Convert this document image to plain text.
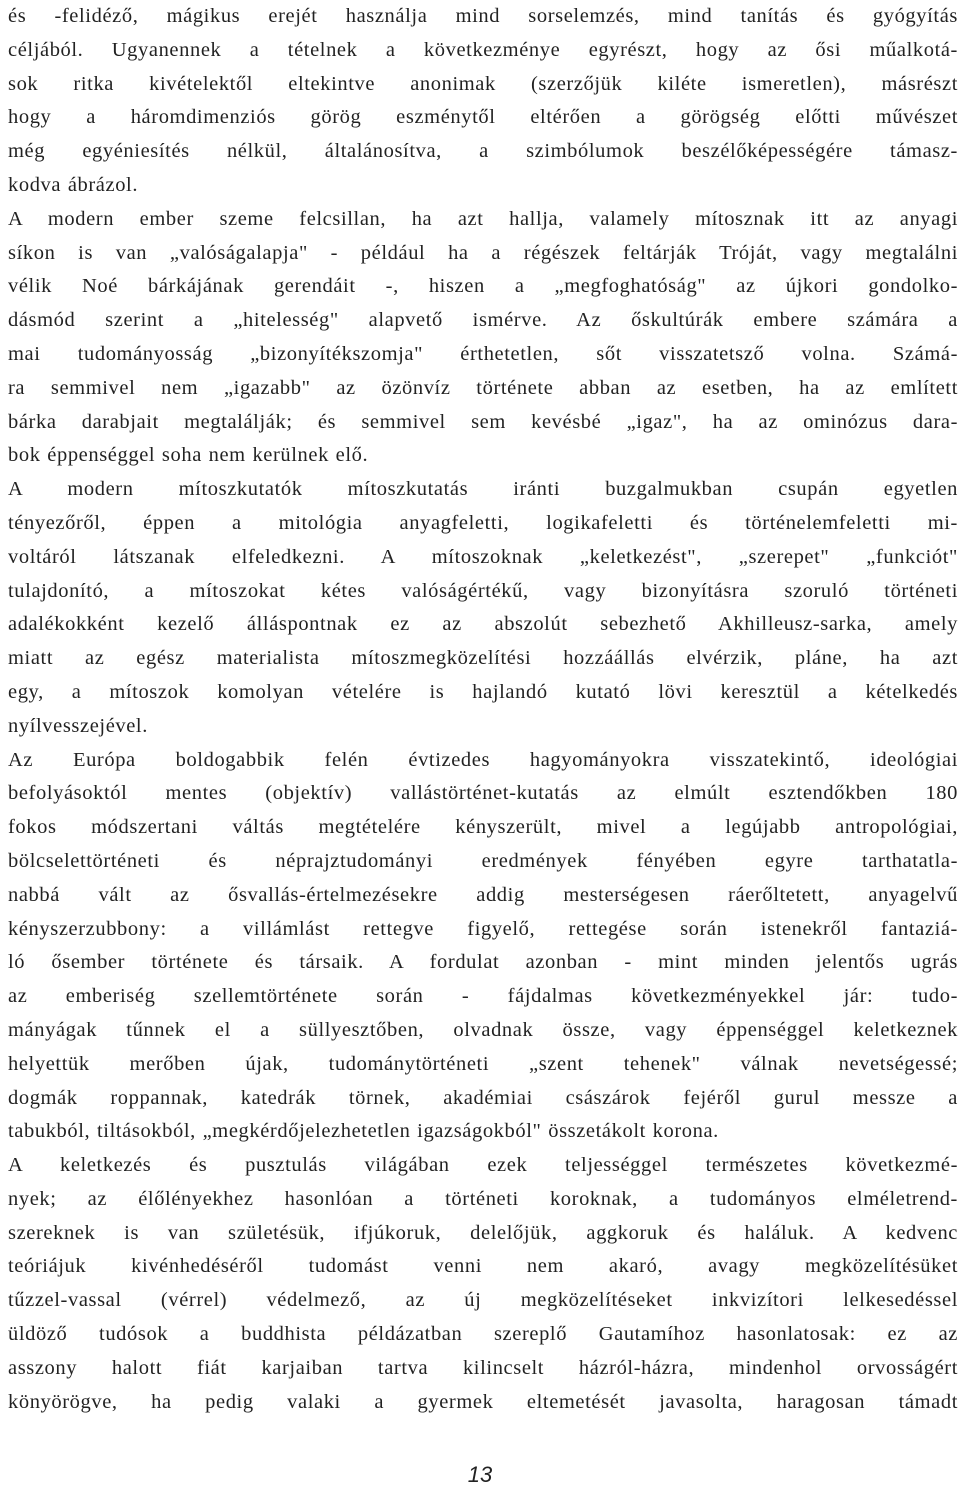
és -felidéző, mágikus erejét használja mind sorselemzés, mind tanítás és gyógyítás
céljából. Ugyanennek a tételnek a következménye egyrészt, hogy az ősi műalkotá-
sok ritka kivételektől eltekintve anonimak (szerzőjük kiléte ismeretlen), másrészt
hogy a háromdimenziós görög eszménytől eltérően a görögség előtti művészet
még egyéniesítés nélkül, általánosítva, a szimbólumok beszélőképességére támasz-
kodva ábrázol.
A modern ember szeme felcsillan, ha azt hallja, valamely mítosznak itt az anyagi
síkon is van „valóságalapja" - például ha a régészek feltárják Tróját, vagy megtalálni
vélik Noé bárkájának gerendáit -, hiszen a „megfoghatóság" az újkori gondolko-
dásmód szerint a „hitelesség" alapvető ismérve. Az őskultúrák embere számára a
mai tudományosság „bizonyítékszomja" érthetetlen, sőt visszatetsző volna. Számá-
ra semmivel nem „igazabb" az özönvíz története abban az esetben, ha az említett
bárka darabjait megtalálják; és semmivel sem kevésbé „igaz", ha az ominózus dara-
bok éppenséggel soha nem kerülnek elő.
A modern mítoszkutatók mítoszkutatás iránti buzgalmukban csupán egyetlen
tényezőről, éppen a mitológia anyagfeletti, logikafeletti és történelemfeletti mi-
voltáról látszanak elfeledkezni. A mítoszoknak „keletkezést", „szerepet" „funkciót"
tulajdonító, a mítoszokat kétes valóságértékű, vagy bizonyításra szoruló történeti
adalékokként kezelő álláspontnak ez az abszolút sebezhető Akhilleusz-sarka, amely
miatt az egész materialista mítoszmegközelítési hozzáállás elvérzik, pláne, ha azt
egy, a mítoszok komolyan vételére is hajlandó kutató lövi keresztül a kételkedés
nyílvesszejével.
Az Európa boldogabbik felén évtizedes hagyományokra visszatekintő, ideológiai
befolyásoktól mentes (objektív) vallástörténet-kutatás az elmúlt esztendőkben 180
fokos módszertani váltás megtételére kényszerült, mivel a legújabb antropológiai,
bölcselettörténeti és néprajztudományi eredmények fényében egyre tarthatatla-
nabbá vált az ősvallás-értelmezésekre addig mesterségesen ráerőltetett, anyagelvű
kényszerzubbony: a villámlást rettegve figyelő, rettegése során istenekről fantaziá-
ló ősember története és társaik. A fordulat azonban - mint minden jelentős ugrás
az emberiség szellemtörténete során - fájdalmas következményekkel jár: tudo-
mányágak tűnnek el a süllyesztőben, olvadnak össze, vagy éppenséggel keletkeznek
helyettük merőben újak, tudománytörténeti „szent tehenek" válnak nevetségessé;
dogmák roppannak, katedrák törnek, akadémiai császárok fejéről gurul messze a
tabukból, tiltásokból, „megkérdőjelezhetetlen igazságokból" összetákolt korona.
A keletkezés és pusztulás világában ezek teljességgel természetes következmé-
nyek; az élőlényekhez hasonlóan a történeti koroknak, a tudományos elméletrend-
szereknek is van születésük, ifjúkoruk, delelőjük, aggkoruk és haláluk. A kedvenc
teóriájuk kivénhedéséről tudomást venni nem akaró, avagy megközelítésüket
tűzzel-vassal (vérrel) védelmező, az új megközelítéseket inkvizítori lelkesedéssel
üldöző tudósok a buddhista példázatban szereplő Gautamíhoz hasonlatosak: ez az
asszony halott fiát karjaiban tartva kilincselt házról-házra, mindenhol orvosságért
könyörögve, ha pedig valaki a gyermek eltemetését javasolta, haragosan támadt
13
